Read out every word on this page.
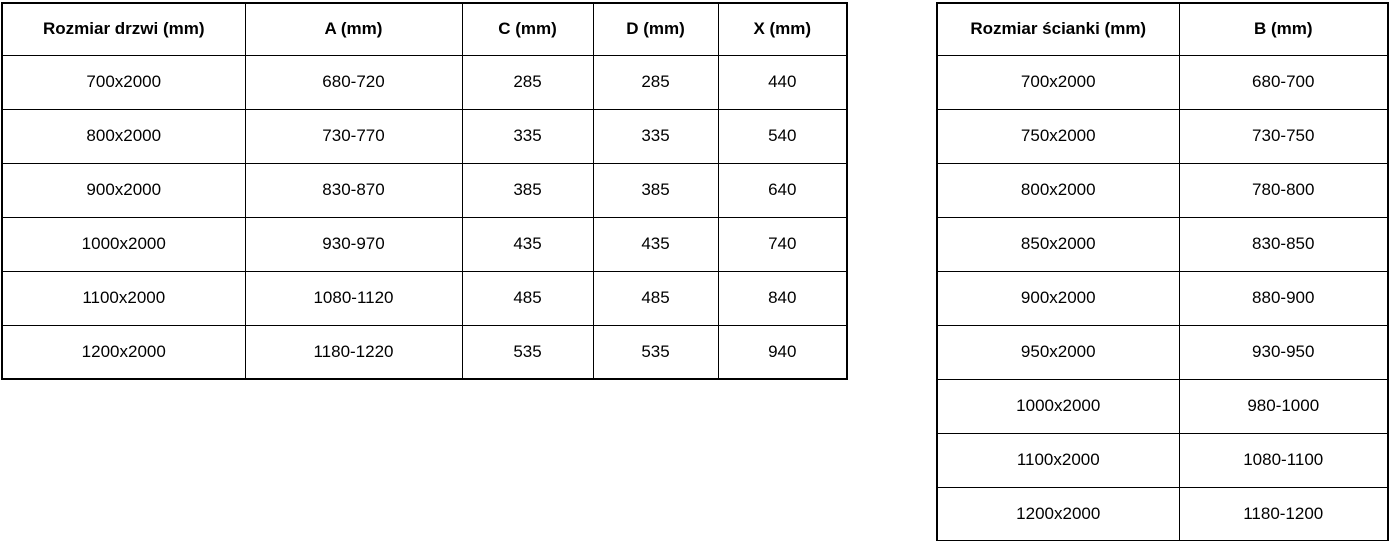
Rozmiar drzwi (mm)	A (mm)	C (mm)	D (mm)	X (mm)
700x2000	680-720	285	285	440
800x2000	730-770	335	335	540
900x2000	830-870	385	385	640
1000x2000	930-970	435	435	740
1100x2000	1080-1120	485	485	840
1200x2000	1180-1220	535	535	940
Rozmiar ścianki (mm)	B (mm)
700x2000	680-700
750x2000	730-750
800x2000	780-800
850x2000	830-850
900x2000	880-900
950x2000	930-950
1000x2000	980-1000
1100x2000	1080-1100
1200x2000	1180-1200
